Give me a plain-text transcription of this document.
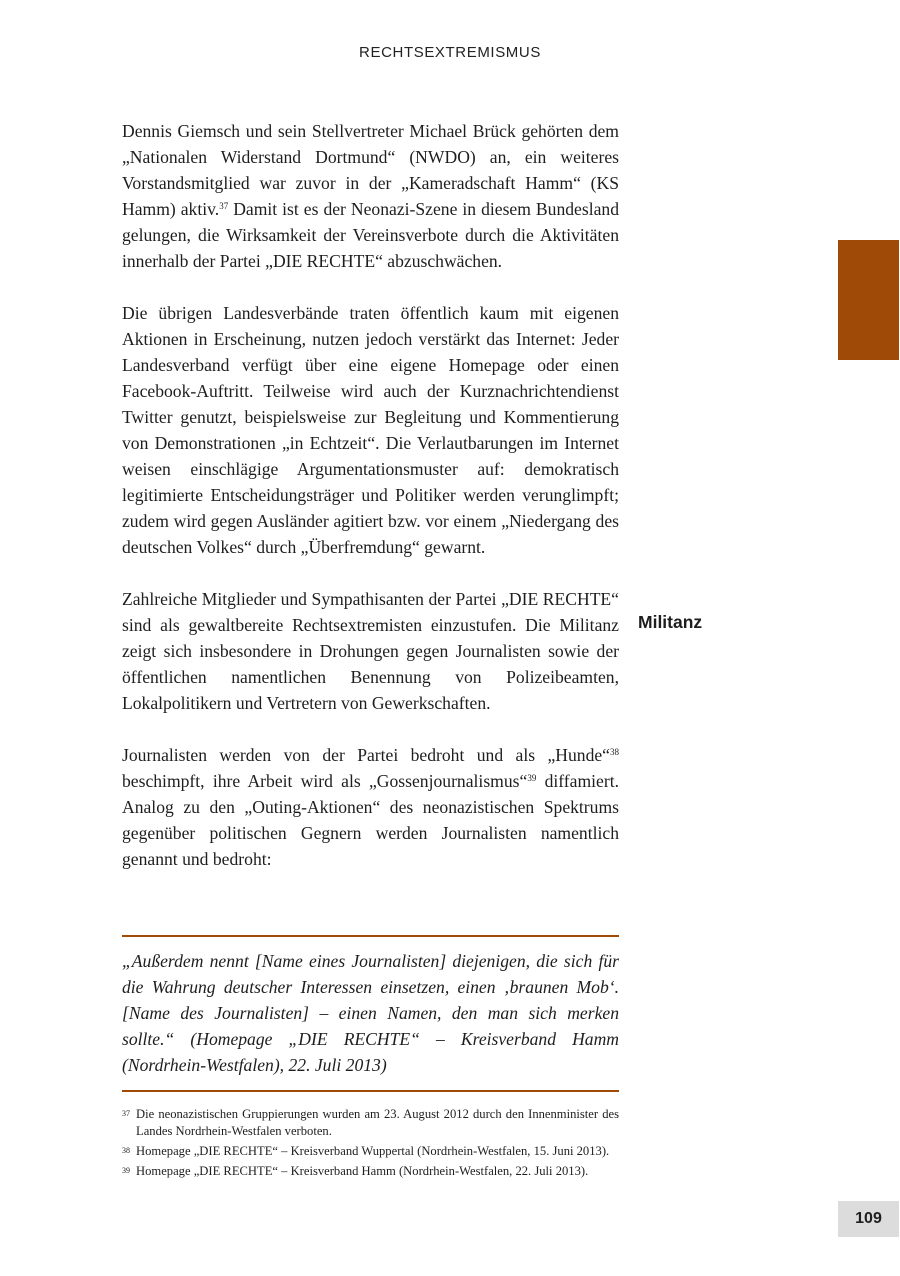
RECHTSEXTREMISMUS

Dennis Giemsch und sein Stellvertreter Michael Brück gehörten dem „Nationalen Widerstand Dortmund“ (NWDO) an, ein weiteres Vorstandsmitglied war zuvor in der „Kameradschaft Hamm“ (KS Hamm) aktiv.$^{37}$ Damit ist es der Neonazi-Szene in diesem Bundesland gelungen, die Wirksamkeit der Vereinsverbote durch die Aktivitäten innerhalb der Partei „DIE RECHTE“ abzuschwächen.

Die übrigen Landesverbände traten öffentlich kaum mit eigenen Aktionen in Erscheinung, nutzen jedoch verstärkt das Internet: Jeder Landesverband verfügt über eine eigene Homepage oder einen Facebook-Auftritt. Teilweise wird auch der Kurznachrichtendienst Twitter genutzt, beispielsweise zur Begleitung und Kommentierung von Demonstrationen „in Echtzeit“. Die Verlautbarungen im Internet weisen einschlägige Argumentationsmuster auf: demokratisch legitimierte Entscheidungsträger und Politiker werden verunglimpft; zudem wird gegen Ausländer agitiert bzw. vor einem „Niedergang des deutschen Volkes“ durch „Überfremdung“ gewarnt.

Zahlreiche Mitglieder und Sympathisanten der Partei „DIE RECHTE“ sind als gewaltbereite Rechtsextremisten einzustufen. Die Militanz zeigt sich insbesondere in Drohungen gegen Journalisten sowie der öffentlichen namentlichen Benennung von Polizeibeamten, Lokalpolitikern und Vertretern von Gewerkschaften.

Journalisten werden von der Partei bedroht und als „Hunde“$^{38}$ beschimpft, ihre Arbeit wird als „Gossenjournalismus“$^{39}$ diffamiert. Analog zu den „Outing-Aktionen“ des neonazistischen Spektrums gegenüber politischen Gegnern werden Journalisten namentlich genannt und bedroht:

Militanz
„Außerdem nennt [Name eines Journalisten] diejenigen, die sich für die Wahrung deutscher Interessen einsetzen, einen ‚braunen Mob‘. [Name des Journalisten] – einen Namen, den man sich merken sollte.“ (Homepage „DIE RECHTE“ – Kreisverband Hamm (Nordrhein-Westfalen), 22. Juli 2013)
37 Die neonazistischen Gruppierungen wurden am 23. August 2012 durch den Innenminister des Landes Nordrhein-Westfalen verboten.
38 Homepage „DIE RECHTE“ – Kreisverband Wuppertal (Nordrhein-Westfalen, 15. Juni 2013).
39 Homepage „DIE RECHTE“ – Kreisverband Hamm (Nordrhein-Westfalen, 22. Juli 2013).
109
